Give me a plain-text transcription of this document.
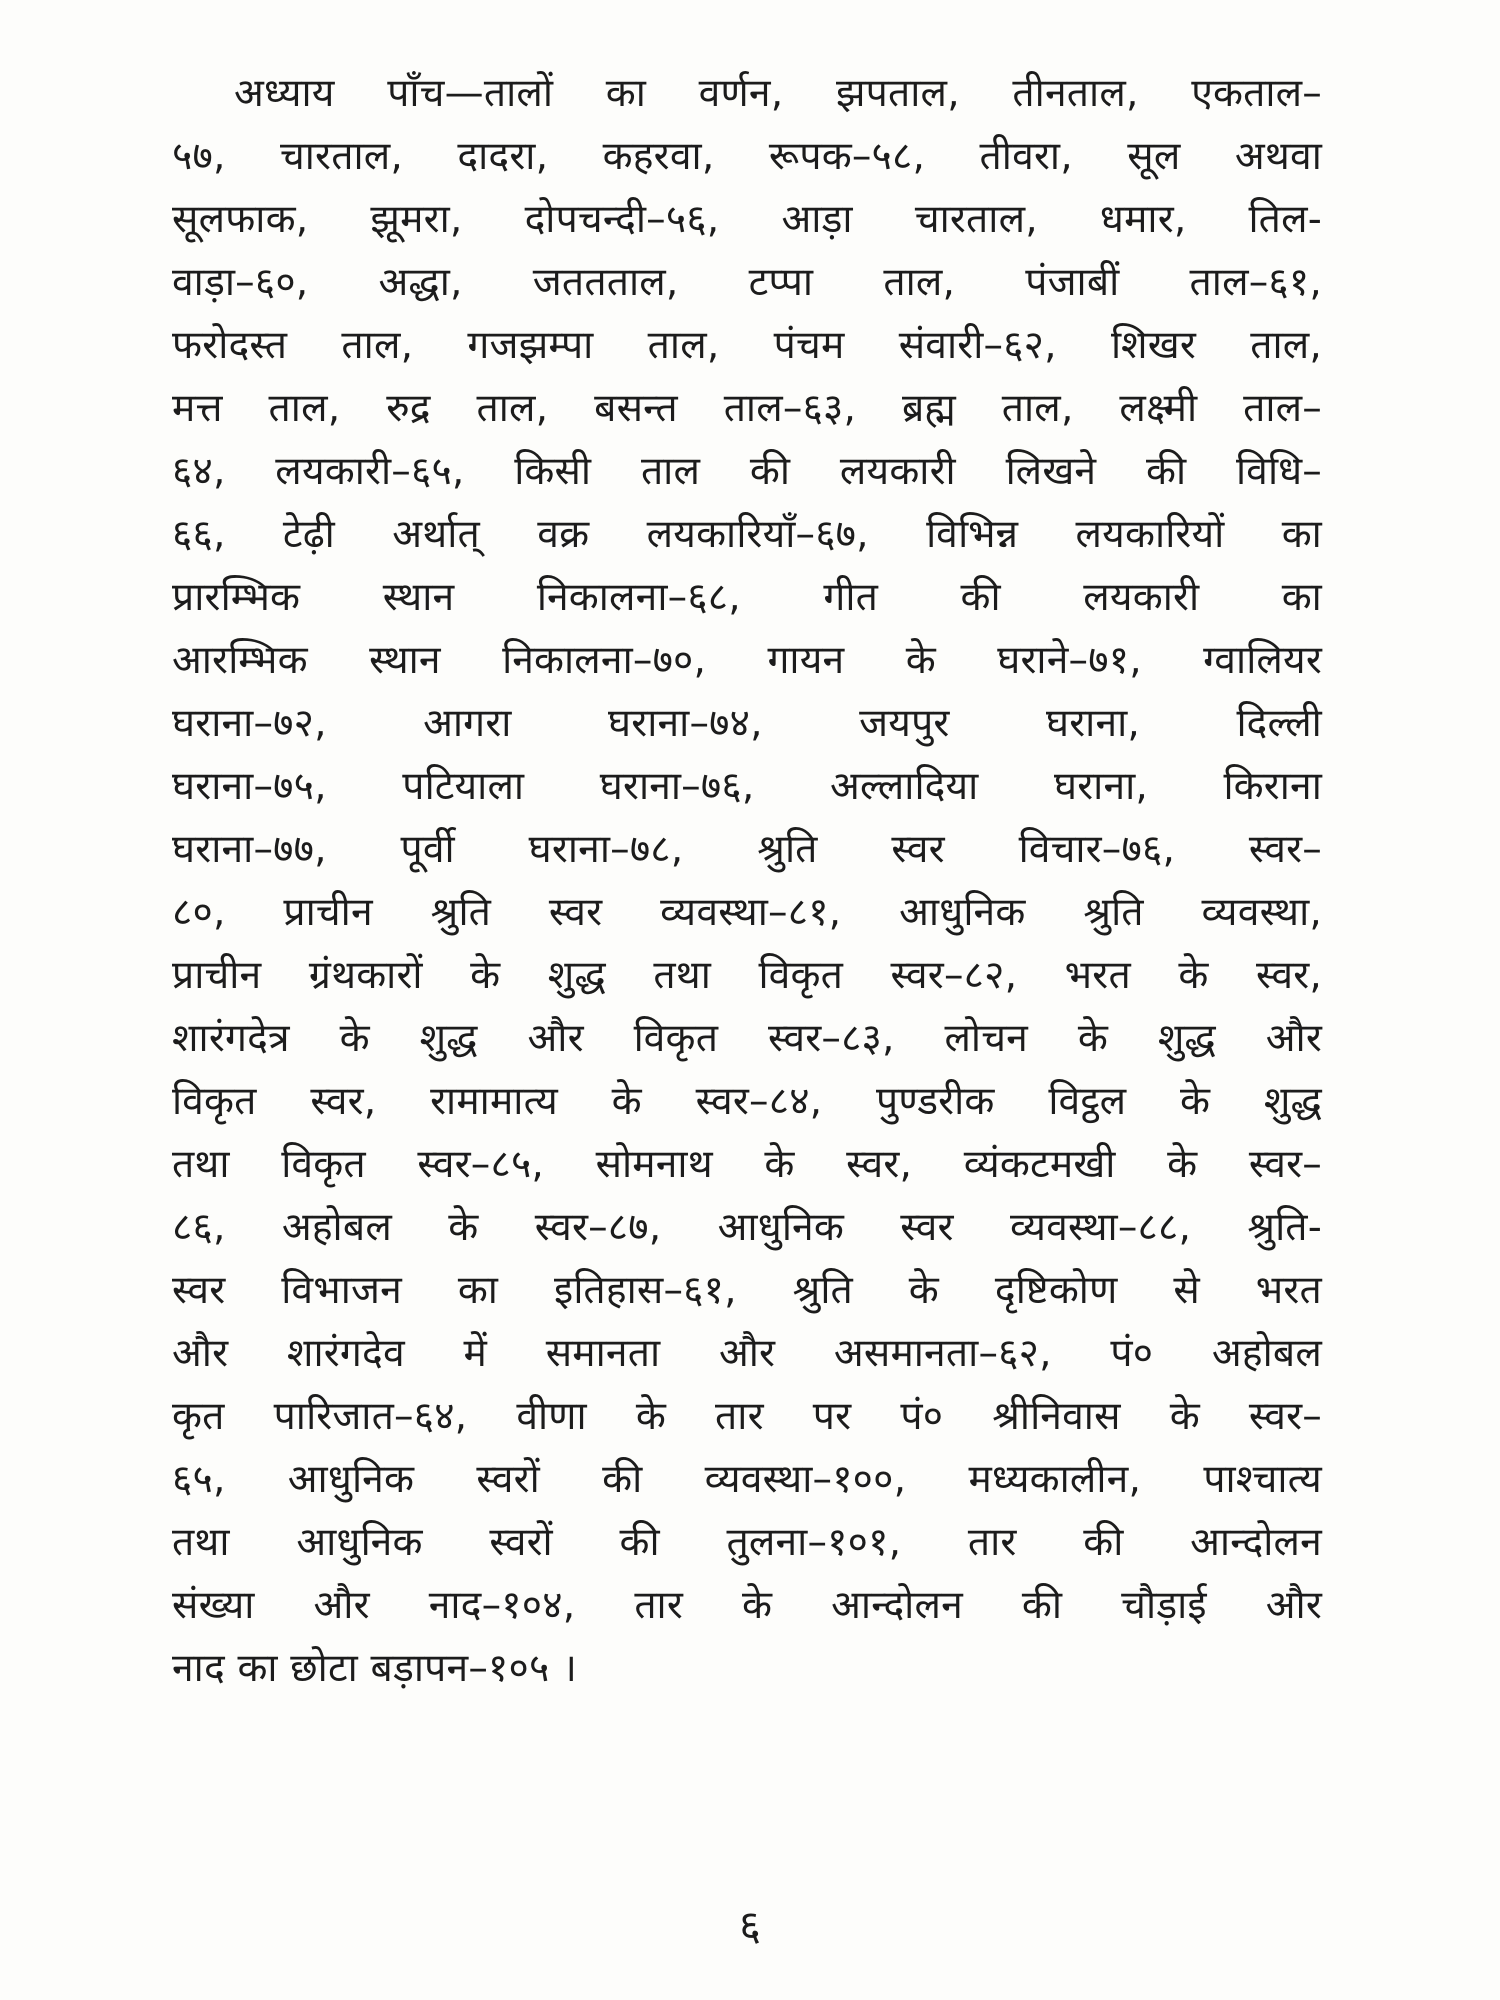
अध्याय पाँच—तालों का वर्णन, झपताल, तीनताल, एकताल–
५७, चारताल, दादरा, कहरवा, रूपक–५८, तीवरा, सूल अथवा
सूलफाक, झूमरा, दोपचन्दी–५६, आड़ा चारताल, धमार, तिल-
वाड़ा–६०, अद्धा, जततताल, टप्पा ताल, पंजाबीं ताल–६१,
फरोदस्त ताल, गजझम्पा ताल, पंचम संवारी–६२, शिखर ताल,
मत्त ताल, रुद्र ताल, बसन्त ताल–६३, ब्रह्म ताल, लक्ष्मी ताल–
६४, लयकारी–६५, किसी ताल की लयकारी लिखने की विधि–
६६, टेढ़ी अर्थात् वक्र लयकारियाँ–६७, विभिन्न लयकारियों का
प्रारम्भिक स्थान निकालना–६८, गीत की लयकारी का
आरम्भिक स्थान निकालना–७०, गायन के घराने–७१, ग्वालियर
घराना–७२, आगरा घराना–७४, जयपुर घराना, दिल्ली
घराना–७५, पटियाला घराना–७६, अल्लादिया घराना, किराना
घराना–७७, पूर्वी घराना–७८, श्रुति स्वर विचार–७६, स्वर–
८०, प्राचीन श्रुति स्वर व्यवस्था–८१, आधुनिक श्रुति व्यवस्था,
प्राचीन ग्रंथकारों के शुद्ध तथा विकृत स्वर–८२, भरत के स्वर,
शारंगदेत्र के शुद्ध और विकृत स्वर–८३, लोचन के शुद्ध और
विकृत स्वर, रामामात्य के स्वर–८४, पुण्डरीक विट्ठल के शुद्ध
तथा विकृत स्वर–८५, सोमनाथ के स्वर, व्यंकटमखी के स्वर–
८६, अहोबल के स्वर–८७, आधुनिक स्वर व्यवस्था–८८, श्रुति-
स्वर विभाजन का इतिहास–६१, श्रुति के दृष्टिकोण से भरत
और शारंगदेव में समानता और असमानता–६२, पं० अहोबल
कृत पारिजात–६४, वीणा के तार पर पं० श्रीनिवास के स्वर–
६५, आधुनिक स्वरों की व्यवस्था–१००, मध्यकालीन, पाश्चात्य
तथा आधुनिक स्वरों की तुलना–१०१, तार की आन्दोलन
संख्या और नाद–१०४, तार के आन्दोलन की चौड़ाई और
नाद का छोटा बड़ापन–१०५ ।
६
